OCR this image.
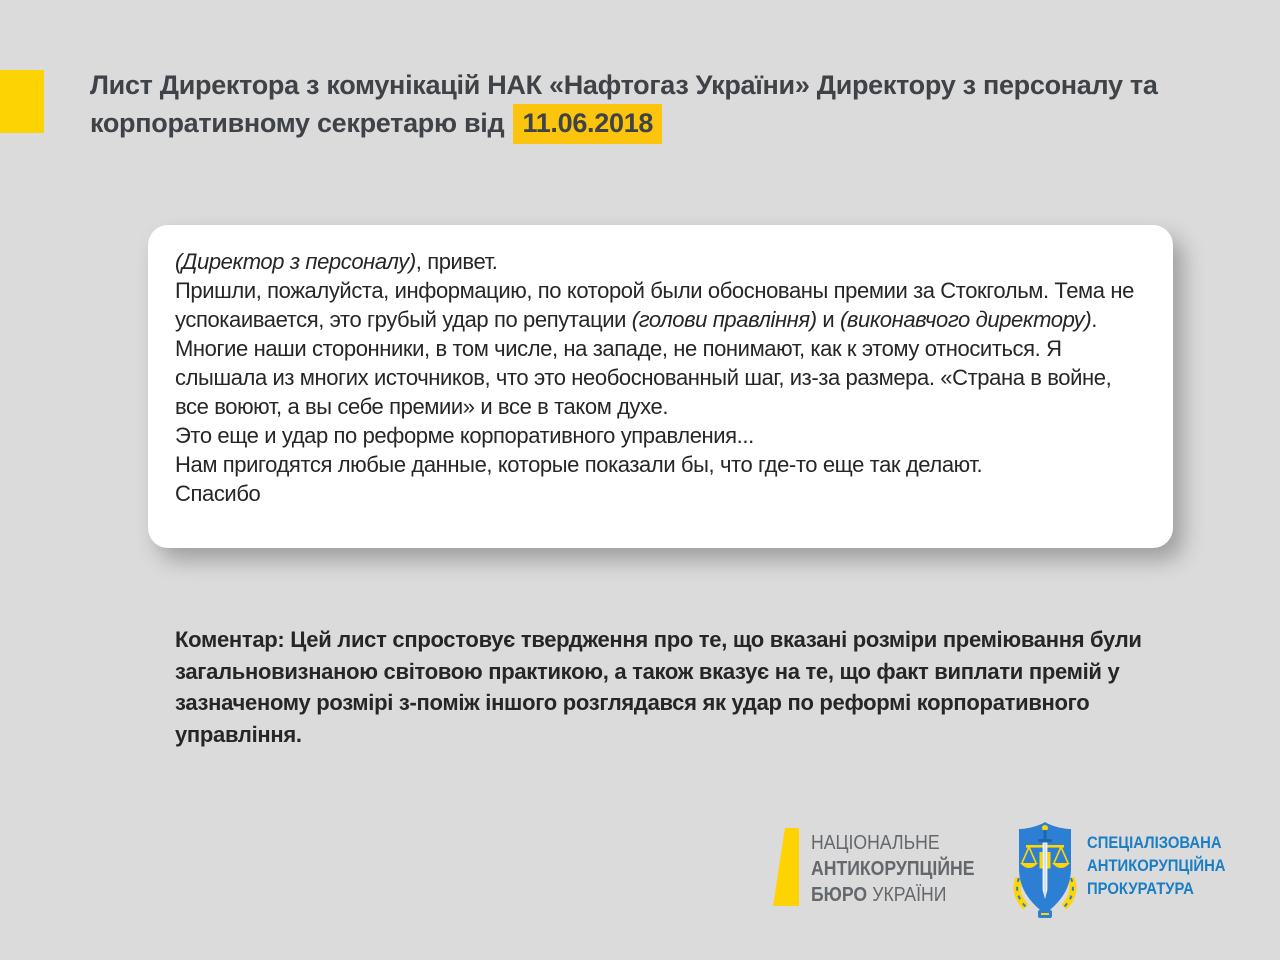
Лист Директора з комунікацій НАК «Нафтогаз України» Директору з персоналу та корпоративному секретарю від 11.06.2018

(Директор з персоналу), привет.

Пришли, пожалуйста, информацию, по которой были обоснованы премии за Стокгольм. Тема не успокаивается, это грубый удар по репутации (голови правління) и (виконавчого директору).

Многие наши сторонники, в том числе, на западе, не понимают, как к этому относиться. Я слышала из многих источников, что это необоснованный шаг, из-за размера. «Страна в войне, все воюют, а вы себе премии» и все в таком духе.

Это еще и удар по реформе корпоративного управления...

Нам пригодятся любые данные, которые показали бы, что где-то еще так делают.

Спасибо

Коментар: Цей лист спростовує твердження про те, що вказані розміри преміювання були загальновизнаною світовою практикою, а також вказує на те, що факт виплати премій у зазначеному розмірі з-поміж іншого розглядався як удар по реформі корпоративного управління.
НАЦІОНАЛЬНЕ
АНТИКОРУПЦІЙНЕ
БЮРО УКРАЇНИ
СПЕЦІАЛІЗОВАНА
АНТИКОРУПЦІЙНА
ПРОКУРАТУРА
